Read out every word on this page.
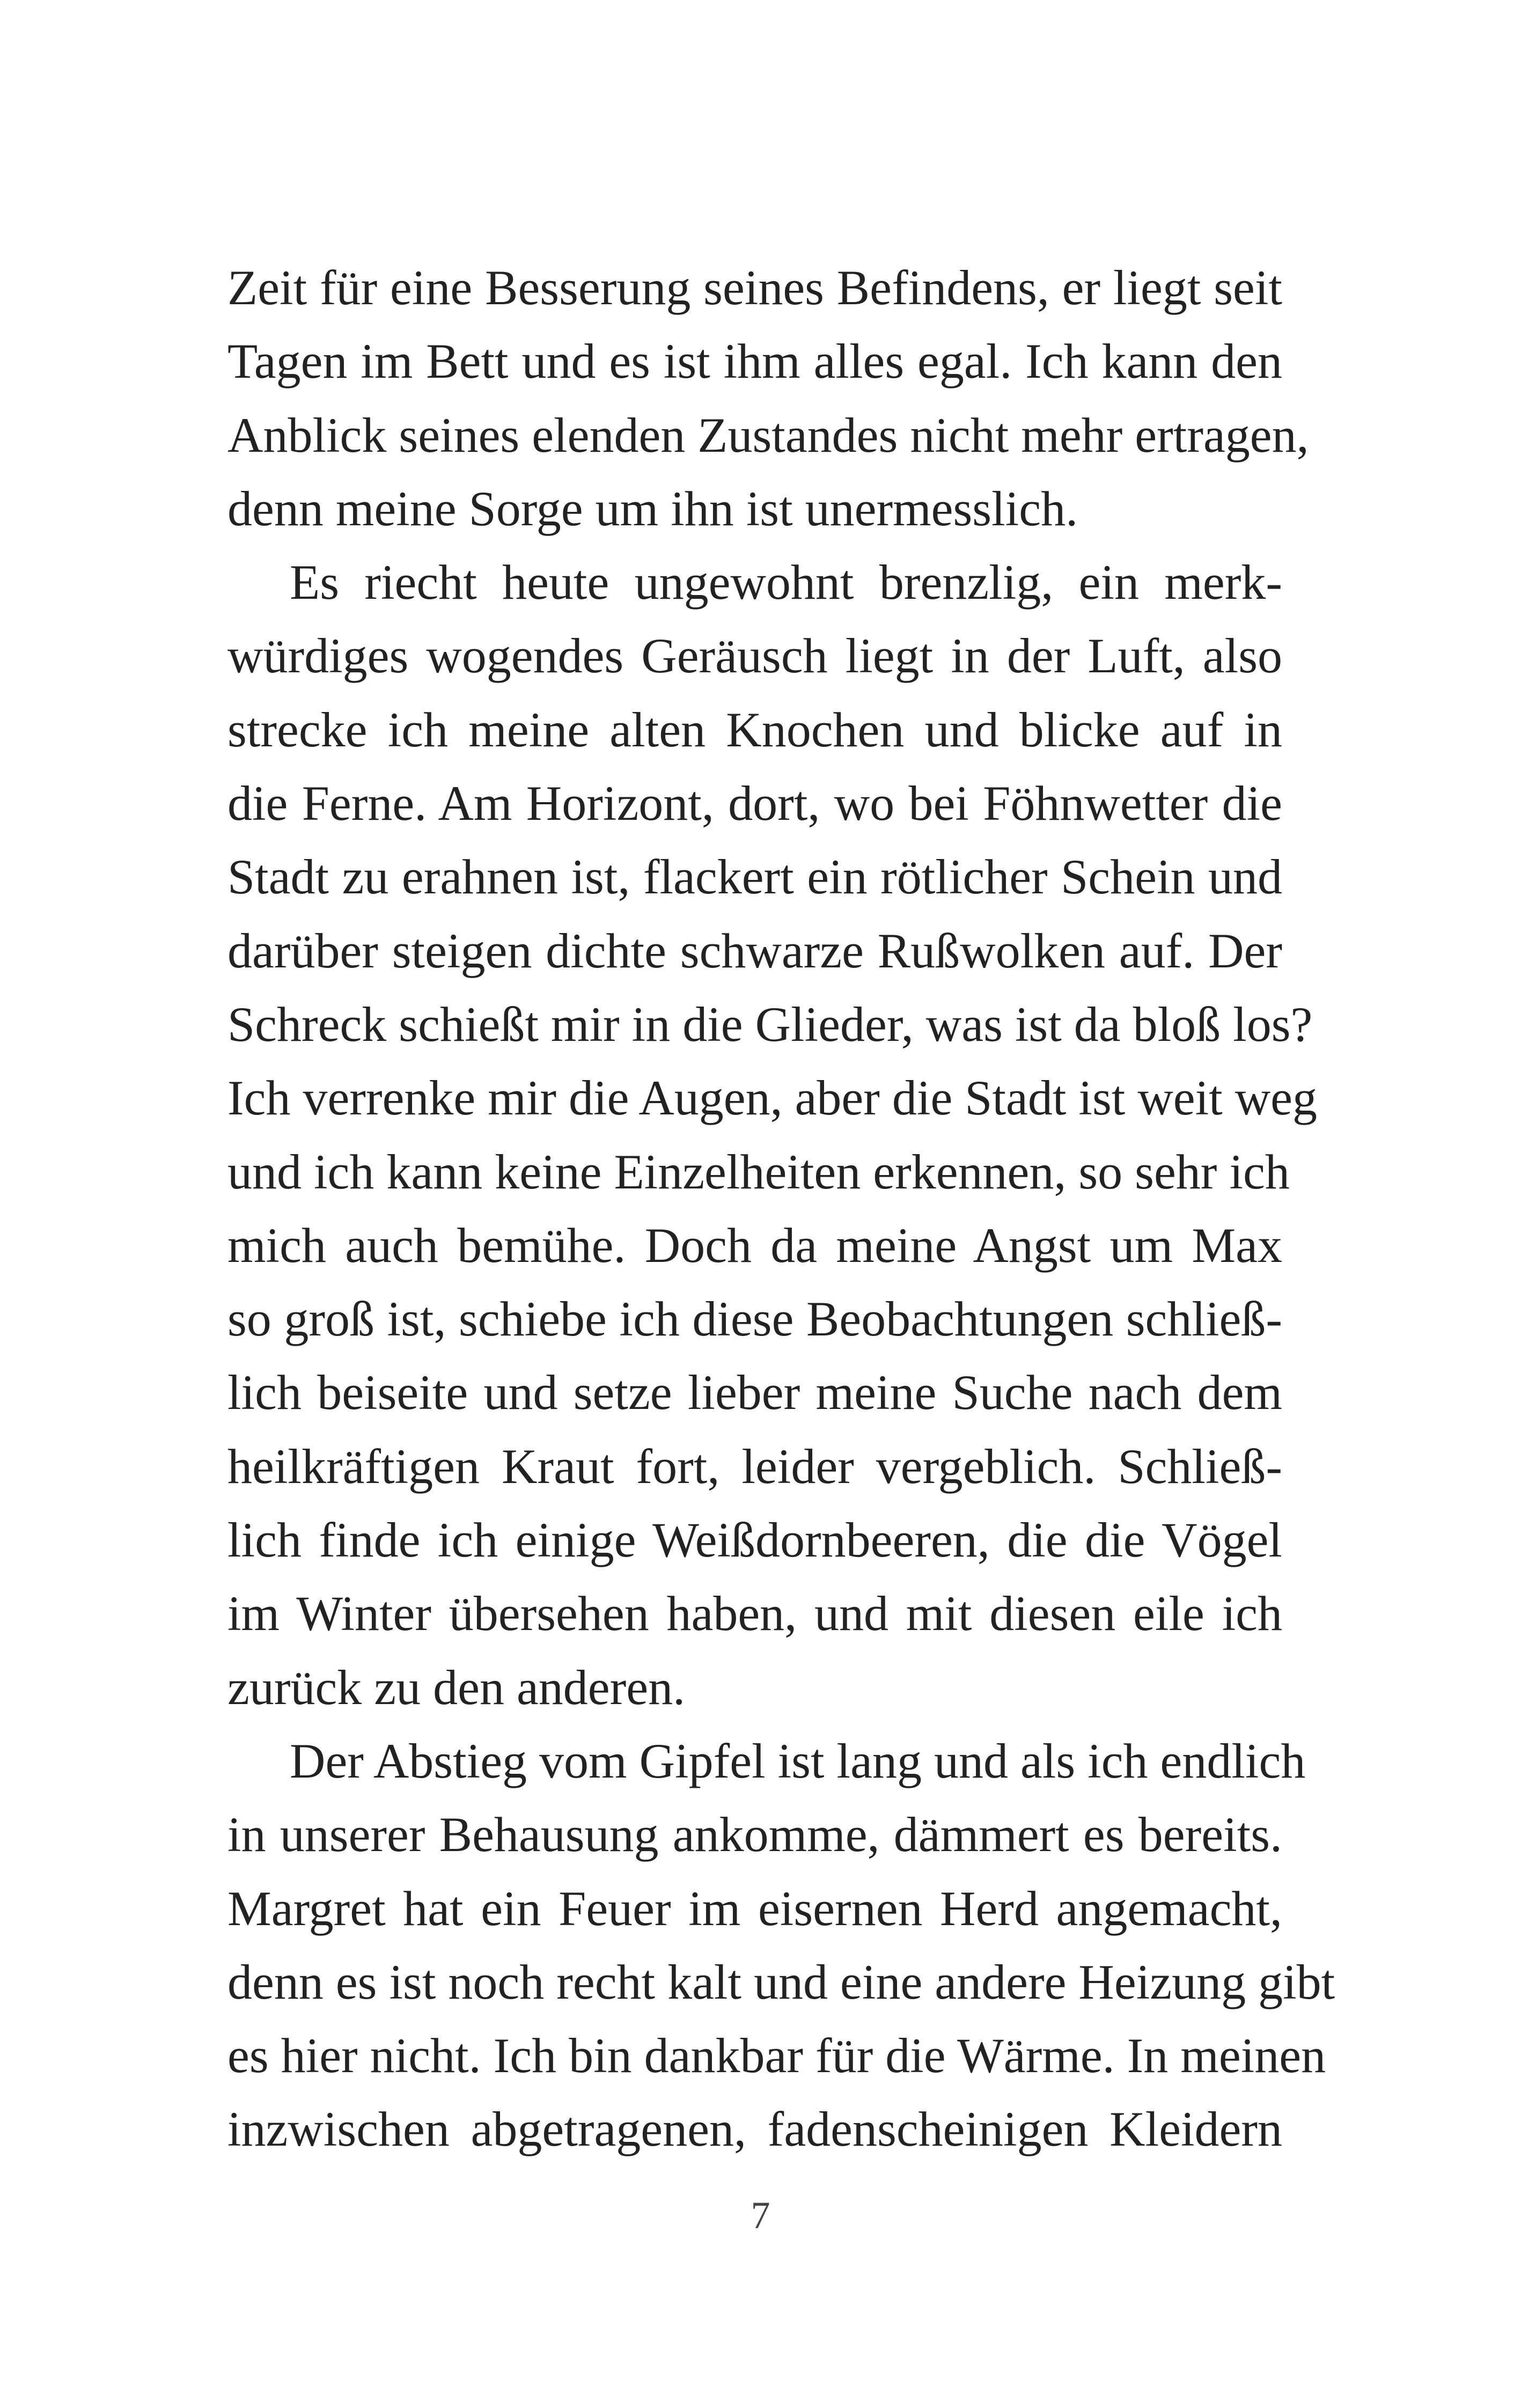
Zeit für eine Besserung seines Befindens, er liegt seit
Tagen im Bett und es ist ihm alles egal. Ich kann den
Anblick seines elenden Zustandes nicht mehr ertragen,
denn meine Sorge um ihn ist unermesslich.
Es riecht heute ungewohnt brenzlig, ein merk-
würdiges wogendes Geräusch liegt in der Luft, also
strecke ich meine alten Knochen und blicke auf in
die Ferne. Am Horizont, dort, wo bei Föhnwetter die
Stadt zu erahnen ist, flackert ein rötlicher Schein und
darüber steigen dichte schwarze Rußwolken auf. Der
Schreck schießt mir in die Glieder, was ist da bloß los?
Ich verrenke mir die Augen, aber die Stadt ist weit weg
und ich kann keine Einzelheiten erkennen, so sehr ich
mich auch bemühe. Doch da meine Angst um Max
so groß ist, schiebe ich diese Beobachtungen schließ-
lich beiseite und setze lieber meine Suche nach dem
heilkräftigen Kraut fort, leider vergeblich. Schließ-
lich finde ich einige Weißdornbeeren, die die Vögel
im Winter übersehen haben, und mit diesen eile ich
zurück zu den anderen.
Der Abstieg vom Gipfel ist lang und als ich endlich
in unserer Behausung ankomme, dämmert es bereits.
Margret hat ein Feuer im eisernen Herd angemacht,
denn es ist noch recht kalt und eine andere Heizung gibt
es hier nicht. Ich bin dankbar für die Wärme. In meinen
inzwischen abgetragenen, fadenscheinigen Kleidern
7
